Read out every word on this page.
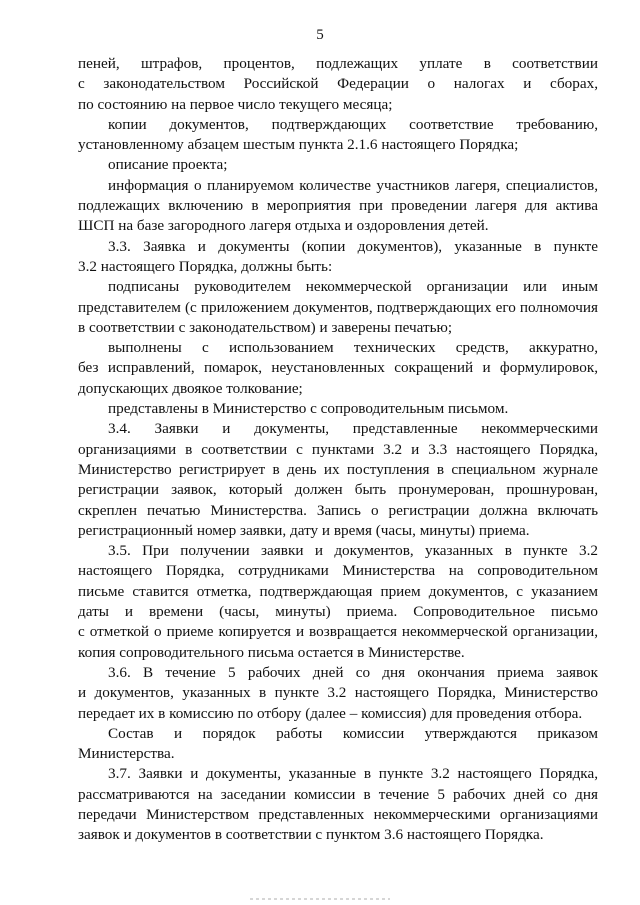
5
пеней, штрафов, процентов, подлежащих уплате в соответствии
с законодательством Российской Федерации о налогах и сборах,
по состоянию на первое число текущего месяца;
копии документов, подтверждающих соответствие требованию,
установленному абзацем шестым пункта 2.1.6 настоящего Порядка;
описание проекта;
информация о планируемом количестве участников лагеря, специалистов,
подлежащих включению в мероприятия при проведении лагеря для актива
ШСП на базе загородного лагеря отдыха и оздоровления детей.
3.3. Заявка и документы (копии документов), указанные в пункте
3.2 настоящего Порядка, должны быть:
подписаны руководителем некоммерческой организации или иным
представителем (с приложением документов, подтверждающих его полномочия
в соответствии с законодательством) и заверены печатью;
выполнены с использованием технических средств, аккуратно,
без исправлений, помарок, неустановленных сокращений и формулировок,
допускающих двоякое толкование;
представлены в Министерство с сопроводительным письмом.
3.4. Заявки и документы, представленные некоммерческими
организациями в соответствии с пунктами 3.2 и 3.3 настоящего Порядка,
Министерство регистрирует в день их поступления в специальном журнале
регистрации заявок, который должен быть пронумерован, прошнурован,
скреплен печатью Министерства. Запись о регистрации должна включать
регистрационный номер заявки, дату и время (часы, минуты) приема.
3.5. При получении заявки и документов, указанных в пункте 3.2
настоящего Порядка, сотрудниками Министерства на сопроводительном
письме ставится отметка, подтверждающая прием документов, с указанием
даты и времени (часы, минуты) приема. Сопроводительное письмо
с отметкой о приеме копируется и возвращается некоммерческой организации,
копия сопроводительного письма остается в Министерстве.
3.6. В течение 5 рабочих дней со дня окончания приема заявок
и документов, указанных в пункте 3.2 настоящего Порядка, Министерство
передает их в комиссию по отбору (далее – комиссия) для проведения отбора.
Состав и порядок работы комиссии утверждаются приказом
Министерства.
3.7. Заявки и документы, указанные в пункте 3.2 настоящего Порядка,
рассматриваются на заседании комиссии в течение 5 рабочих дней со дня
передачи Министерством представленных некоммерческими организациями
заявок и документов в соответствии с пунктом 3.6 настоящего Порядка.
